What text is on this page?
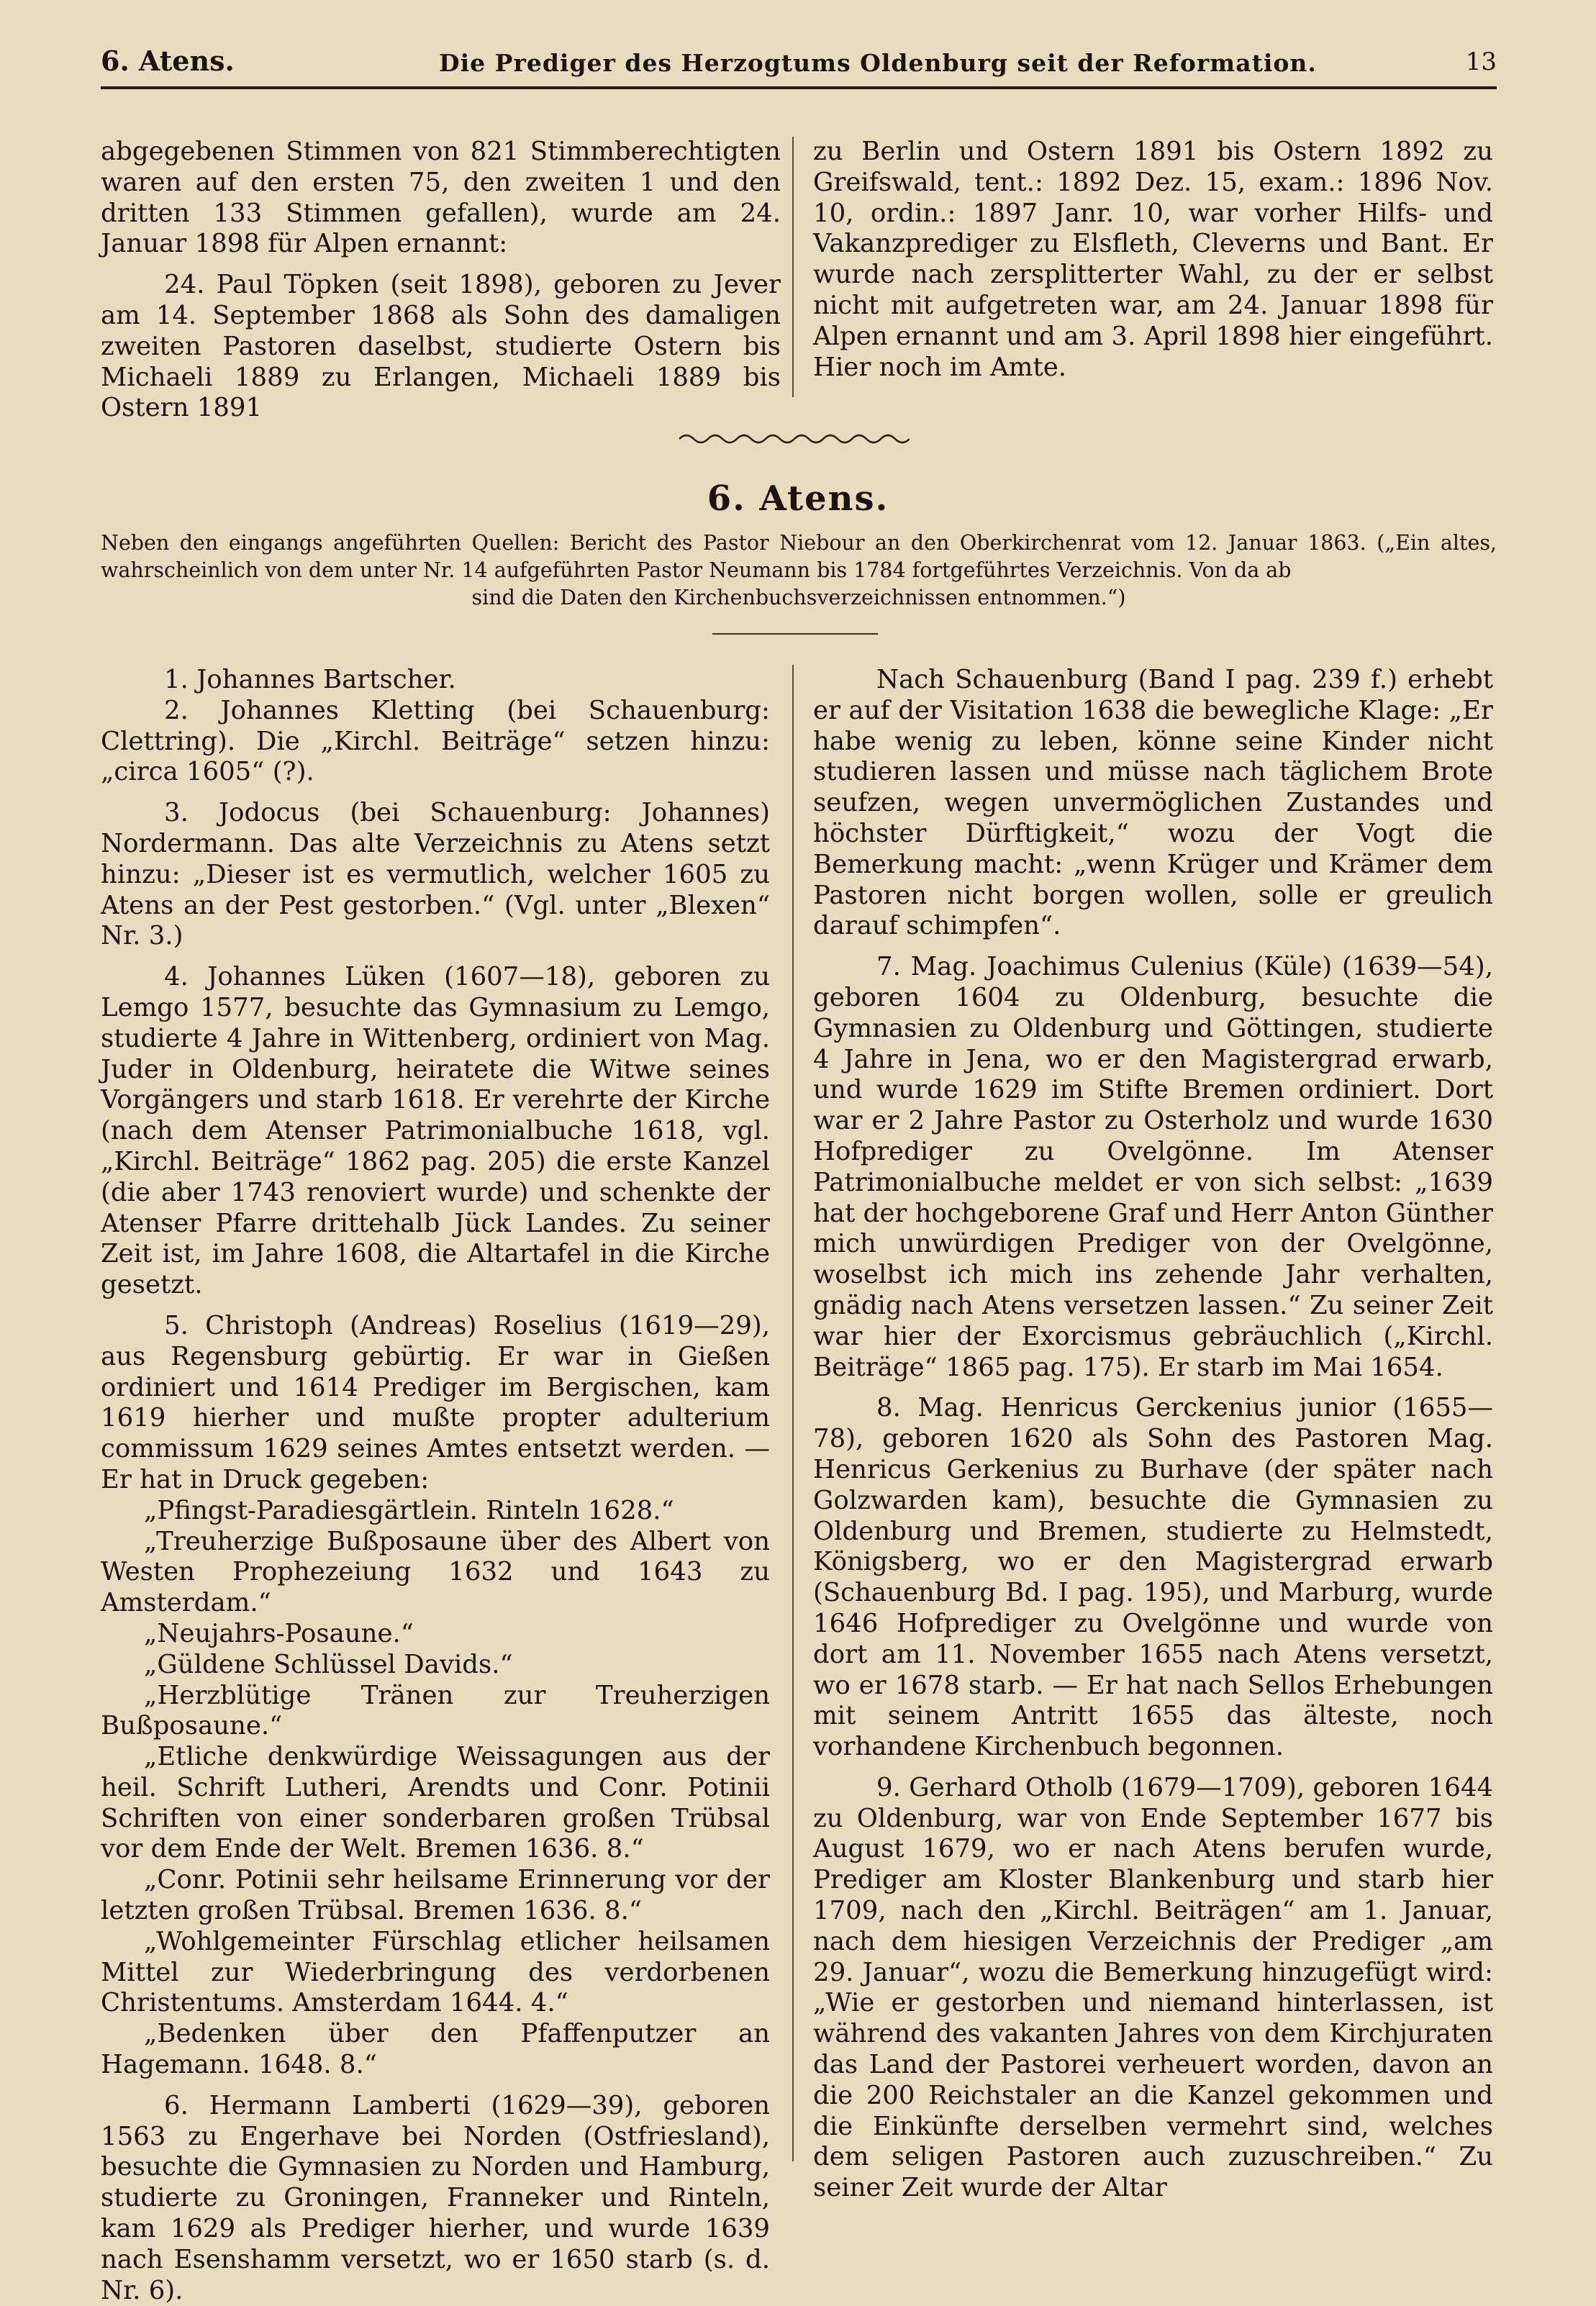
6. Atens.	Die Prediger des Herzogtums Oldenburg seit der Reformation.	13

abgegebenen Stimmen von 821 Stimmberechtigten waren auf den ersten 75, den zweiten 1 und den dritten 133 Stimmen gefallen), wurde am 24. Januar 1898 für Alpen ernannt:

24. Paul Töpken (seit 1898), geboren zu Jever am 14. September 1868 als Sohn des damaligen zweiten Pastoren daselbst, studierte Ostern bis Michaeli 1889 zu Erlangen, Michaeli 1889 bis Ostern 1891

zu Berlin und Ostern 1891 bis Ostern 1892 zu Greifswald, tent.: 1892 Dez. 15, exam.: 1896 Nov. 10, ordin.: 1897 Janr. 10, war vorher Hilfs- und Vakanzprediger zu Elsfleth, Cleverns und Bant. Er wurde nach zersplitterter Wahl, zu der er selbst nicht mit aufgetreten war, am 24. Januar 1898 für Alpen ernannt und am 3. April 1898 hier eingeführt. Hier noch im Amte.

6. Atens.
Neben den eingangs angeführten Quellen: Bericht des Pastor Niebour an den Oberkirchenrat vom 12. Januar 1863. („Ein altes, wahrscheinlich von dem unter Nr. 14 aufgeführten Pastor Neumann bis 1784 fortgeführtes Verzeichnis. Von da ab
sind die Daten den Kirchenbuchsverzeichnissen entnommen.“)

1. Johannes Bartscher.

2. Johannes Kletting (bei Schauenburg: Clettring). Die „Kirchl. Beiträge“ setzen hinzu: „circa 1605“ (?).

3. Jodocus (bei Schauenburg: Johannes) Nordermann. Das alte Verzeichnis zu Atens setzt hinzu: „Dieser ist es vermutlich, welcher 1605 zu Atens an der Pest gestorben.“ (Vgl. unter „Blexen“ Nr. 3.)

4. Johannes Lüken (1607—18), geboren zu Lemgo 1577, besuchte das Gymnasium zu Lemgo, studierte 4 Jahre in Wittenberg, ordiniert von Mag. Juder in Oldenburg, heiratete die Witwe seines Vorgängers und starb 1618. Er verehrte der Kirche (nach dem Atenser Patrimonialbuche 1618, vgl. „Kirchl. Beiträge“ 1862 pag. 205) die erste Kanzel (die aber 1743 renoviert wurde) und schenkte der Atenser Pfarre drittehalb Jück Landes. Zu seiner Zeit ist, im Jahre 1608, die Altartafel in die Kirche gesetzt.

5. Christoph (Andreas) Roselius (1619—29), aus Regensburg gebürtig. Er war in Gießen ordiniert und 1614 Prediger im Bergischen, kam 1619 hierher und mußte propter adulterium commissum 1629 seines Amtes entsetzt werden. — Er hat in Druck gegeben:

„Pfingst-Paradiesgärtlein. Rinteln 1628.“

„Treuherzige Bußposaune über des Albert von Westen Prophezeiung 1632 und 1643 zu Amsterdam.“

„Neujahrs-Posaune.“

„Güldene Schlüssel Davids.“

„Herzblütige Tränen zur Treuherzigen Bußposaune.“

„Etliche denkwürdige Weissagungen aus der heil. Schrift Lutheri, Arendts und Conr. Potinii Schriften von einer sonderbaren großen Trübsal vor dem Ende der Welt. Bremen 1636. 8.“

„Conr. Potinii sehr heilsame Erinnerung vor der letzten großen Trübsal. Bremen 1636. 8.“

„Wohlgemeinter Fürschlag etlicher heilsamen Mittel zur Wiederbringung des verdorbenen Christentums. Amsterdam 1644. 4.“

„Bedenken über den Pfaffenputzer an Hagemann. 1648. 8.“

6. Hermann Lamberti (1629—39), geboren 1563 zu Engerhave bei Norden (Ostfriesland), besuchte die Gymnasien zu Norden und Hamburg, studierte zu Groningen, Franneker und Rinteln, kam 1629 als Prediger hierher, und wurde 1639 nach Esenshamm versetzt, wo er 1650 starb (s. d. Nr. 6).

Nach Schauenburg (Band I pag. 239 f.) erhebt er auf der Visitation 1638 die bewegliche Klage: „Er habe wenig zu leben, könne seine Kinder nicht studieren lassen und müsse nach täglichem Brote seufzen, wegen unvermöglichen Zustandes und höchster Dürftigkeit,“ wozu der Vogt die Bemerkung macht: „wenn Krüger und Krämer dem Pastoren nicht borgen wollen, solle er greulich darauf schimpfen“.

7. Mag. Joachimus Culenius (Küle) (1639—54), geboren 1604 zu Oldenburg, besuchte die Gymnasien zu Oldenburg und Göttingen, studierte 4 Jahre in Jena, wo er den Magistergrad erwarb, und wurde 1629 im Stifte Bremen ordiniert. Dort war er 2 Jahre Pastor zu Osterholz und wurde 1630 Hofprediger zu Ovelgönne. Im Atenser Patrimonialbuche meldet er von sich selbst: „1639 hat der hochgeborene Graf und Herr Anton Günther mich unwürdigen Prediger von der Ovelgönne, woselbst ich mich ins zehende Jahr verhalten, gnädig nach Atens versetzen lassen.“ Zu seiner Zeit war hier der Exorcismus gebräuchlich („Kirchl. Beiträge“ 1865 pag. 175). Er starb im Mai 1654.

8. Mag. Henricus Gerckenius junior (1655—78), geboren 1620 als Sohn des Pastoren Mag. Henricus Gerkenius zu Burhave (der später nach Golzwarden kam), besuchte die Gymnasien zu Oldenburg und Bremen, studierte zu Helmstedt, Königsberg, wo er den Magistergrad erwarb (Schauenburg Bd. I pag. 195), und Marburg, wurde 1646 Hofprediger zu Ovelgönne und wurde von dort am 11. November 1655 nach Atens versetzt, wo er 1678 starb. — Er hat nach Sellos Erhebungen mit seinem Antritt 1655 das älteste, noch vorhandene Kirchenbuch begonnen.

9. Gerhard Otholb (1679—1709), geboren 1644 zu Oldenburg, war von Ende September 1677 bis August 1679, wo er nach Atens berufen wurde, Prediger am Kloster Blankenburg und starb hier 1709, nach den „Kirchl. Beiträgen“ am 1. Januar, nach dem hiesigen Verzeichnis der Prediger „am 29. Januar“, wozu die Bemerkung hinzugefügt wird: „Wie er gestorben und niemand hinterlassen, ist während des vakanten Jahres von dem Kirchjuraten das Land der Pastorei verheuert worden, davon an die 200 Reichstaler an die Kanzel gekommen und die Einkünfte derselben vermehrt sind, welches dem seligen Pastoren auch zuzuschreiben.“ Zu seiner Zeit wurde der Altar
